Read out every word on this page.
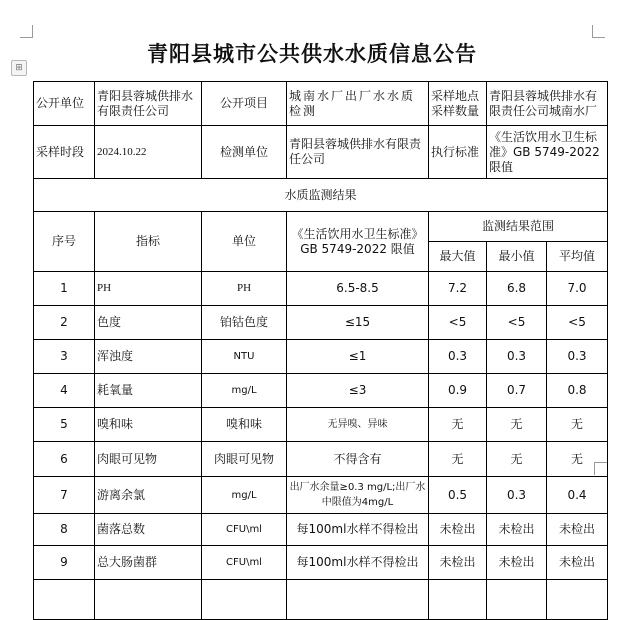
⊞
青阳县城市公共供水水质信息公告
公开单位	青阳县蓉城供排水有限责任公司	公开项目	城南水厂出厂水水质检测	采样地点采样数量	青阳县蓉城供排水有限责任公司城南水厂	
采样时段	2024.10.22	检测单位	青阳县蓉城供排水有限责任公司	执行标准	《生活饮用水卫生标准》GB 5749-2022 限值	
水质监测结果						
序号	指标	单位	《生活饮用水卫生标准》GB 5749-2022 限值	监测结果范围		
				最大值	最小值	平均值
1	PH	PH	6.5-8.5	7.2	6.8	7.0
2	色度	铂钴色度	≤15	<5	<5	<5
3	浑浊度	NTU	≤1	0.3	0.3	0.3
4	耗氧量	mg/L	≤3	0.9	0.7	0.8
5	嗅和味	嗅和味	无异嗅、异味	无	无	无
6	肉眼可见物	肉眼可见物	不得含有	无	无	无
7	游离余氯	mg/L	出厂水余量≥0.3 mg/L;出厂水中限值为4mg/L	0.5	0.3	0.4
8	菌落总数	CFU\ml	每100ml水样不得检出	未检出	未检出	未检出
9	总大肠菌群	CFU\ml	每100ml水样不得检出	未检出	未检出	未检出
